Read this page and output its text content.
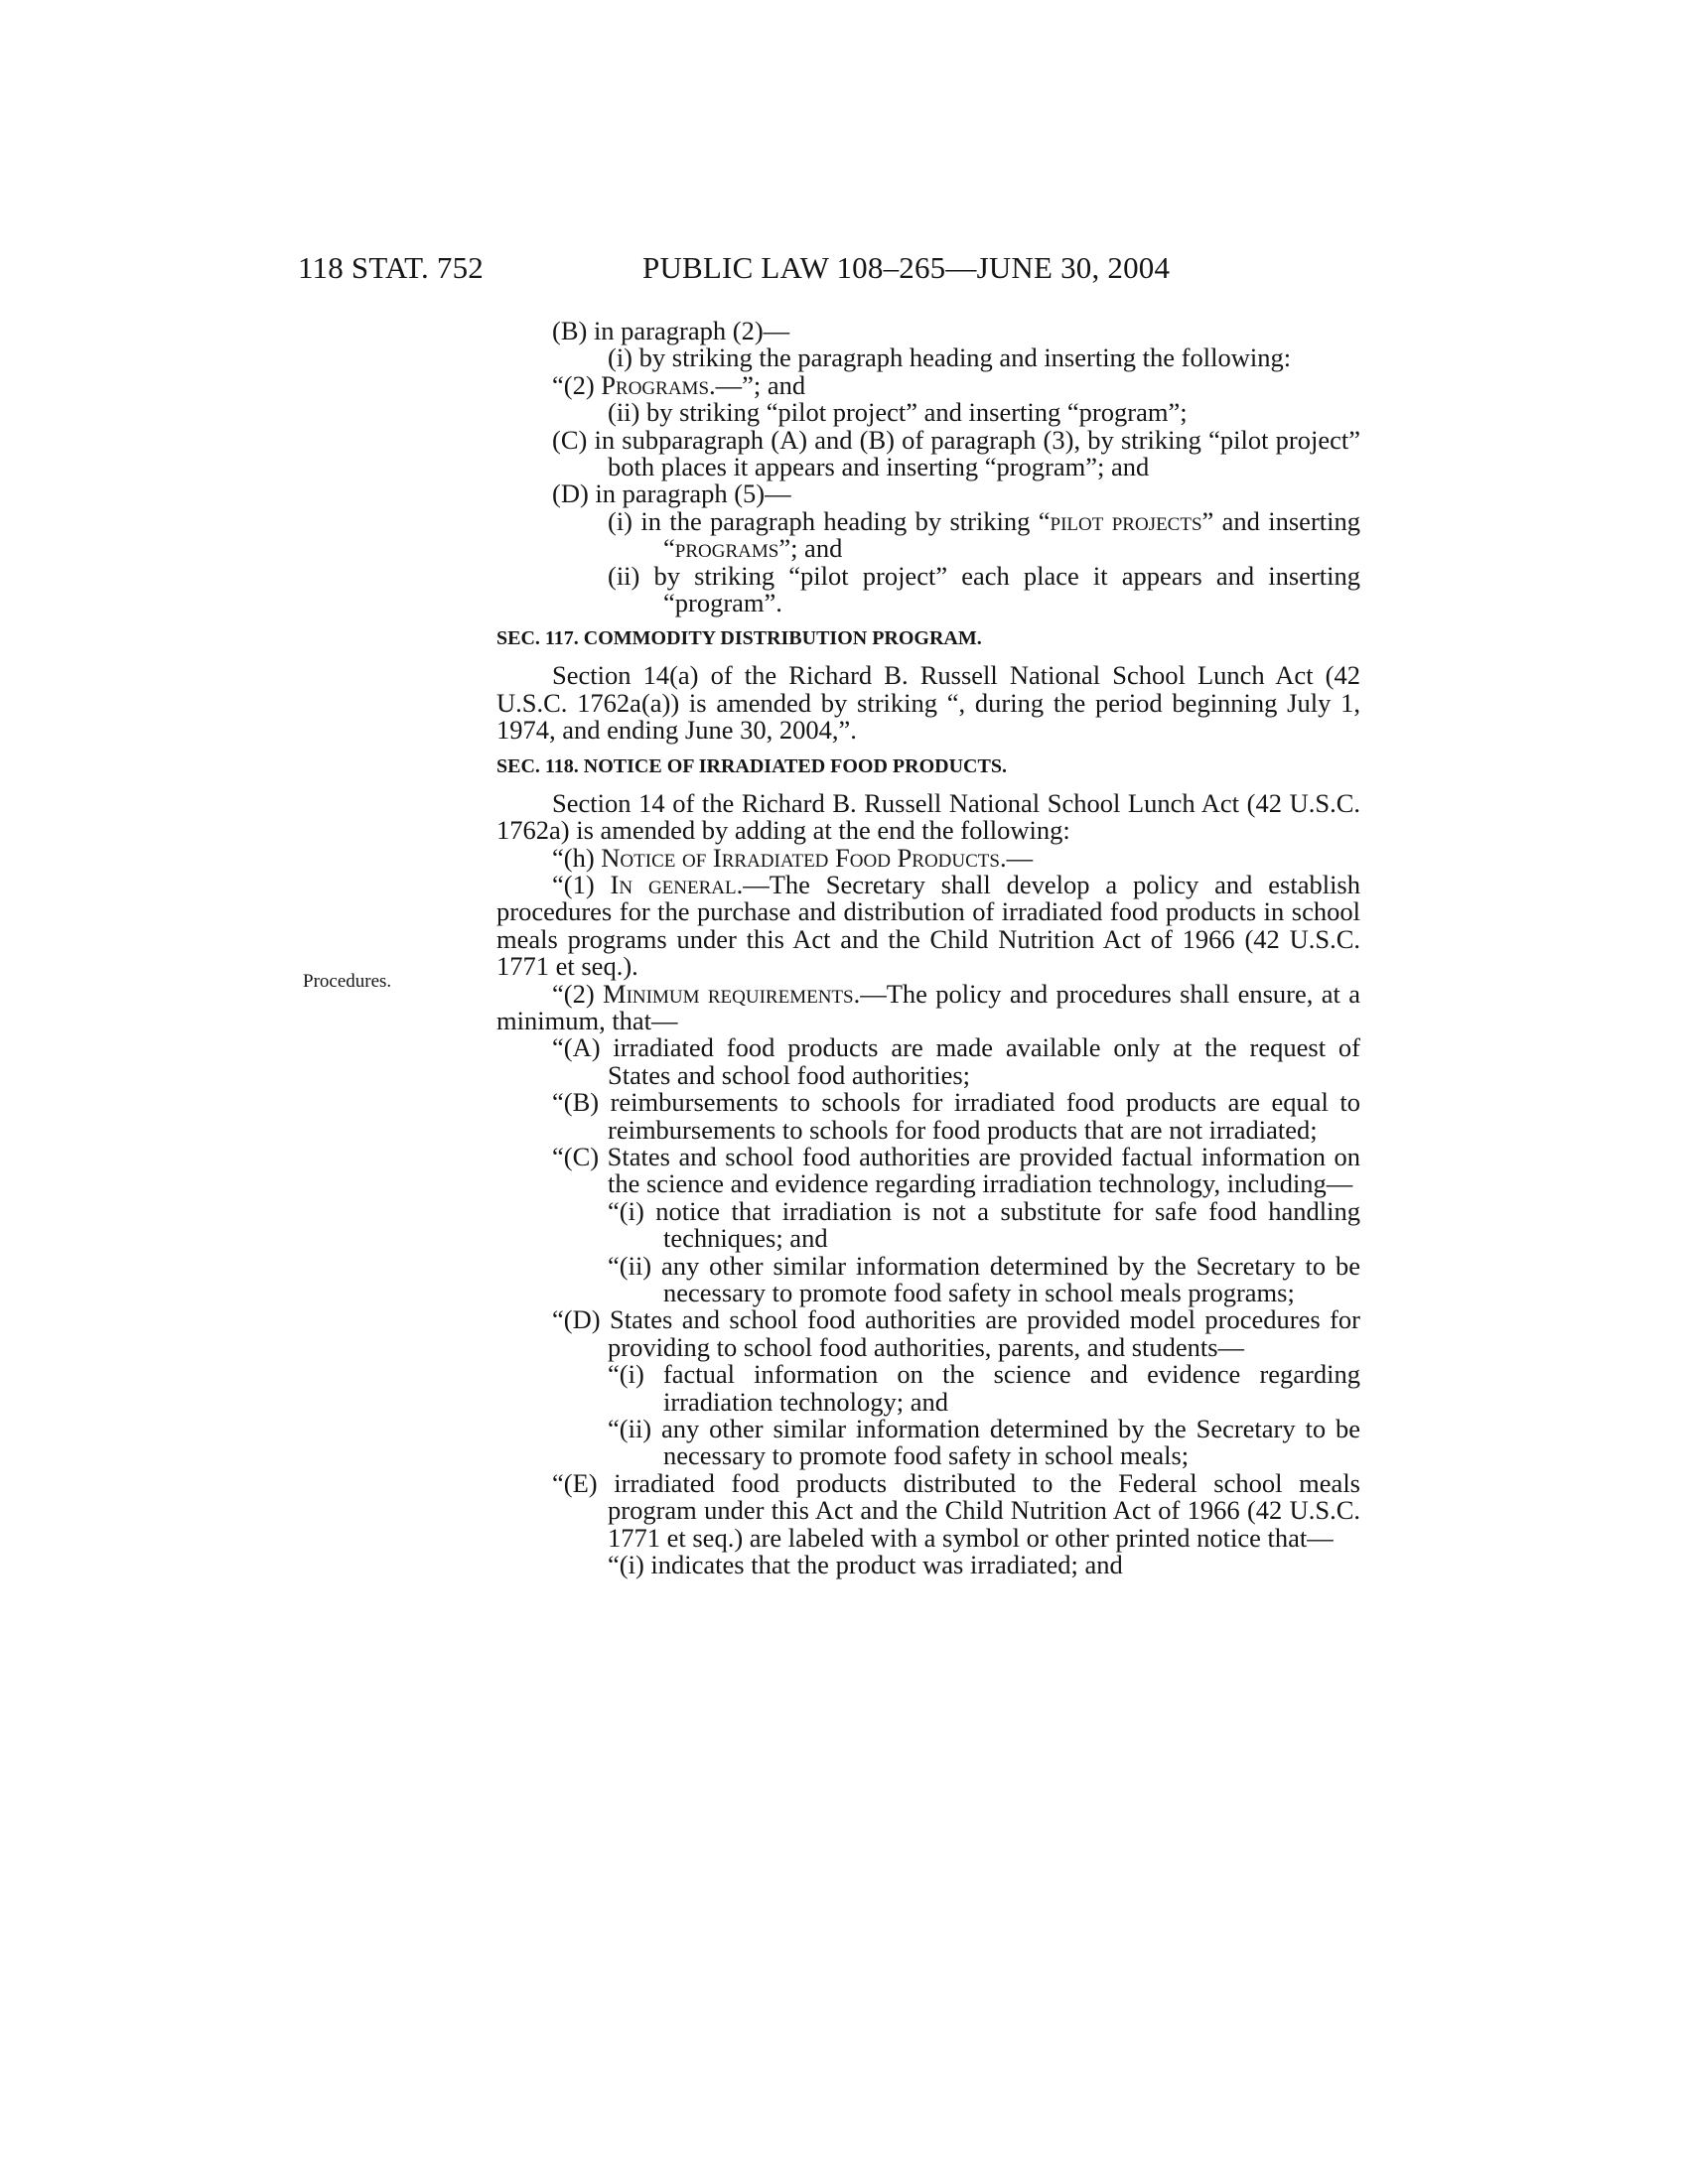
118 STAT. 752	PUBLIC LAW 108–265—JUNE 30, 2004
Procedures.

(B) in paragraph (2)—

(i) by striking the paragraph heading and inserting the following:

“(2) Programs.—”; and

(ii) by striking “pilot project” and inserting “program”;

(C) in subparagraph (A) and (B) of paragraph (3), by striking “pilot project” both places it appears and inserting “program”; and

(D) in paragraph (5)—

(i) in the paragraph heading by striking “pilot projects” and inserting “programs”; and

(ii) by striking “pilot project” each place it appears and inserting “program”.

SEC. 117. COMMODITY DISTRIBUTION PROGRAM.

Section 14(a) of the Richard B. Russell National School Lunch Act (42 U.S.C. 1762a(a)) is amended by striking “, during the period beginning July 1, 1974, and ending June 30, 2004,”.

SEC. 118. NOTICE OF IRRADIATED FOOD PRODUCTS.

Section 14 of the Richard B. Russell National School Lunch Act (42 U.S.C. 1762a) is amended by adding at the end the following:

“(h) Notice of Irradiated Food Products.—

“(1) In general.—The Secretary shall develop a policy and establish procedures for the purchase and distribution of irradiated food products in school meals programs under this Act and the Child Nutrition Act of 1966 (42 U.S.C. 1771 et seq.).

“(2) Minimum requirements.—The policy and procedures shall ensure, at a minimum, that—

“(A) irradiated food products are made available only at the request of States and school food authorities;

“(B) reimbursements to schools for irradiated food products are equal to reimbursements to schools for food products that are not irradiated;

“(C) States and school food authorities are provided factual information on the science and evidence regarding irradiation technology, including—

“(i) notice that irradiation is not a substitute for safe food handling techniques; and

“(ii) any other similar information determined by the Secretary to be necessary to promote food safety in school meals programs;

“(D) States and school food authorities are provided model procedures for providing to school food authorities, parents, and students—

“(i) factual information on the science and evidence regarding irradiation technology; and

“(ii) any other similar information determined by the Secretary to be necessary to promote food safety in school meals;

“(E) irradiated food products distributed to the Federal school meals program under this Act and the Child Nutrition Act of 1966 (42 U.S.C. 1771 et seq.) are labeled with a symbol or other printed notice that—

“(i) indicates that the product was irradiated; and
